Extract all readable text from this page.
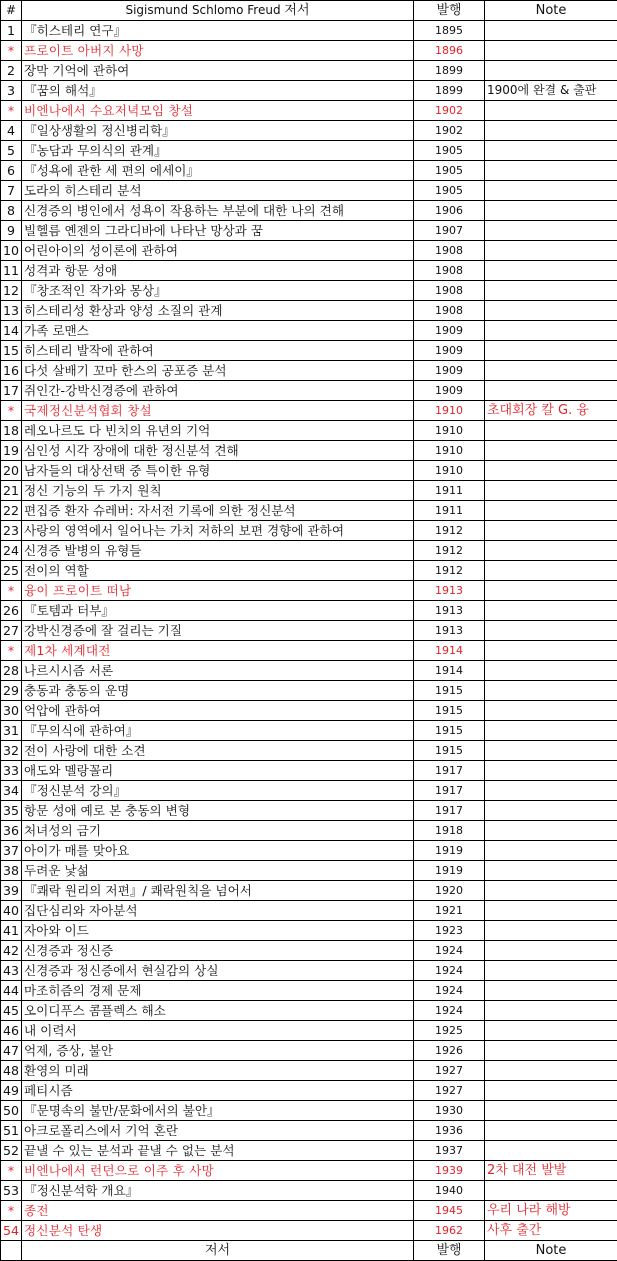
#	Sigismund Schlomo Freud 저서	발행	Note
1	『히스테리 연구』	1895	
*	프로이트 아버지 사망	1896	
2	장막 기억에 관하여	1899	
3	『꿈의 해석』	1899	1900에 완결 & 출판
*	비엔나에서 수요저녁모임 창설	1902	
4	『일상생활의 정신병리학』	1902	
5	『농담과 무의식의 관계』	1905	
6	『성욕에 관한 세 편의 에세이』	1905	
7	도라의 히스테리 분석	1905	
8	신경증의 병인에서 성욕이 작용하는 부분에 대한 나의 견해	1906	
9	빌헬름 옌젠의 그라디바에 나타난 망상과 꿈	1907	
10	어린아이의 성이론에 관하여	1908	
11	성격과 항문 성애	1908	
12	『창조적인 작가와 몽상』	1908	
13	히스테리성 환상과 양성 소질의 관계	1908	
14	가족 로맨스	1909	
15	히스테리 발작에 관하여	1909	
16	다섯 살배기 꼬마 한스의 공포증 분석	1909	
17	쥐인간-강박신경증에 관하여	1909	
*	국제정신분석협회 창설	1910	초대회장 칼 G. 융
18	레오나르도 다 빈치의 유년의 기억	1910	
19	심인성 시각 장애에 대한 정신분석 견해	1910	
20	남자들의 대상선택 중 특이한 유형	1910	
21	정신 기능의 두 가지 원칙	1911	
22	편집증 환자 슈레버: 자서전 기록에 의한 정신분석	1911	
23	사랑의 영역에서 일어나는 가치 저하의 보편 경향에 관하여	1912	
24	신경증 발병의 유형들	1912	
25	전이의 역할	1912	
*	융이 프로이트 떠남	1913	
26	『토템과 터부』	1913	
27	강박신경증에 잘 걸리는 기질	1913	
*	제1차 세계대전	1914	
28	나르시시즘 서론	1914	
29	충동과 충동의 운명	1915	
30	억압에 관하여	1915	
31	『무의식에 관하여』	1915	
32	전이 사랑에 대한 소견	1915	
33	애도와 멜랑꼴리	1917	
34	『정신분석 강의』	1917	
35	항문 성애 예로 본 충동의 변형	1917	
36	처녀성의 금기	1918	
37	아이가 매를 맞아요	1919	
38	두려운 낯섦	1919	
39	『쾌락 원리의 저편』/ 쾌락원칙을 넘어서	1920	
40	집단심리와 자아분석	1921	
41	자아와 이드	1923	
42	신경증과 정신증	1924	
43	신경증과 정신증에서 현실감의 상실	1924	
44	마조히즘의 경제 문제	1924	
45	오이디푸스 콤플렉스 해소	1924	
46	내 이력서	1925	
47	억제, 증상, 불안	1926	
48	환영의 미래	1927	
49	페티시즘	1927	
50	『문명속의 불만/문화에서의 불안』	1930	
51	아크로폴리스에서 기억 혼란	1936	
52	끝낼 수 있는 분석과 끝낼 수 없는 분석	1937	
*	비엔나에서 런던으로 이주 후 사망	1939	2차 대전 발발
53	『정신분석학 개요』	1940	
*	종전	1945	우리 나라 해방
54	정신분석 탄생	1962	사후 출간
	저서	발행	Note
